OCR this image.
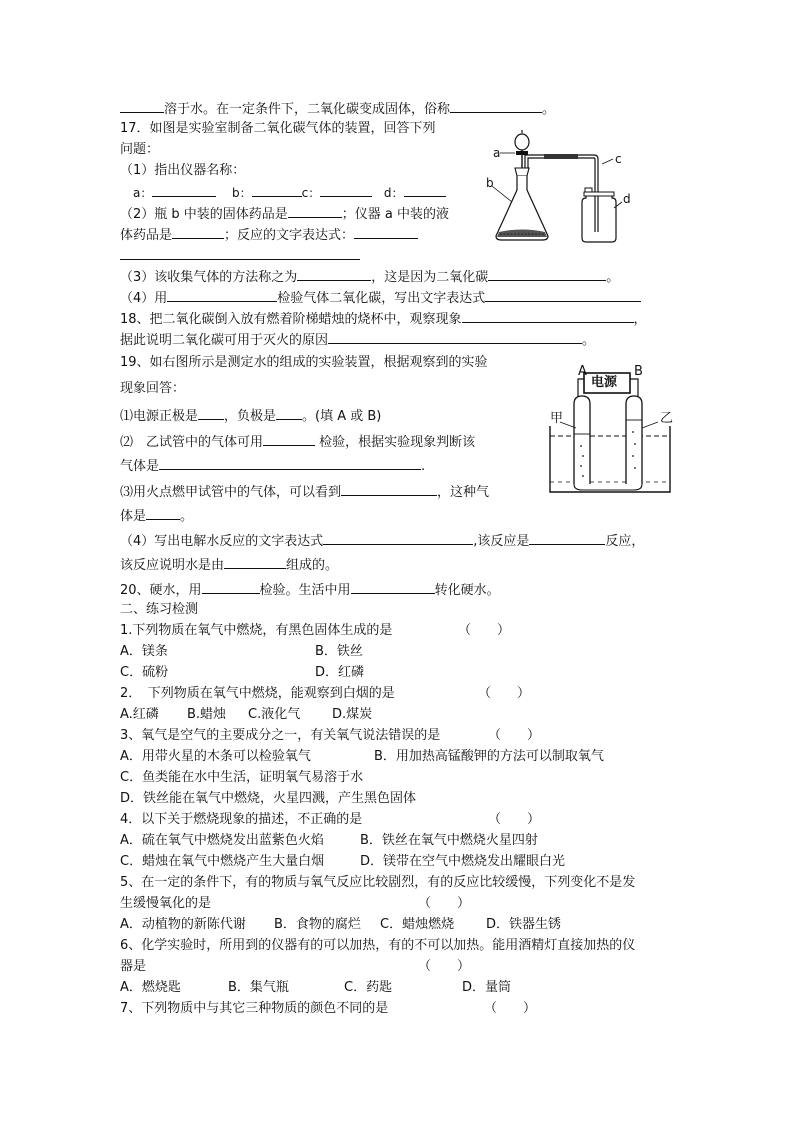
溶于水。在一定条件下，二氧化碳变成固体，俗称	。
17．如图是实验室制备二氧化碳气体的装置，回答下列
问题：
（1）指出仪器名称：
a：	b：	c：	d：
（2）瓶 b 中装的固体药品是	；仪器 a 中装的液
体药品是	；反应的文字表达式：
（3）该收集气体的方法称之为	，这是因为二氧化碳	。
（4）用	检验气体二氧化碳，写出文字表达式
a
b
c
d
18、把二氧化碳倒入放有燃着阶梯蜡烛的烧杯中，观察现象	，
据此说明二氧化碳可用于灭火的原因	。
19、如右图所示是测定水的组成的实验装置，根据观察到的实验
现象回答：
⑴电源正极是 ，负极是 。(填 A 或 B)
⑵　乙试管中的气体可用	检验，根据实验现象判断该
气体是	.
⑶用火点燃甲试管中的气体，可以看到	，这种气
体是	。
（4）写出电解水反应的文字表达式	,该反应是	反应，
该反应说明水是由	组成的。
A	B
电源
甲	乙
20、硬水，用	检验。生活中用	转化硬水。
二、练习检测
1.下列物质在氧气中燃烧，有黑色固体生成的是	（　　）
A．镁条	B．铁丝
C．硫粉	D．红磷
2．　下列物质在氧气中燃烧，能观察到白烟的是	（　　）
A.红磷 B.蜡烛 C.液化气 D.煤炭
3、氧气是空气的主要成分之一，有关氧气说法错误的是	（　　）
A．用带火星的木条可以检验氧气	B．用加热高锰酸钾的方法可以制取氧气
C．鱼类能在水中生活，证明氧气易溶于水
D．铁丝能在氧气中燃烧，火星四溅，产生黑色固体
4．以下关于燃烧现象的描述，不正确的是	（　　）
A．硫在氧气中燃烧发出蓝紫色火焰	B．铁丝在氧气中燃烧火星四射
C．蜡烛在氧气中燃烧产生大量白烟	D．镁带在空气中燃烧发出耀眼白光
5、在一定的条件下，有的物质与氧气反应比较剧烈，有的反应比较缓慢，下列变化不是发
生缓慢氧化的是	（　　）
A．动植物的新陈代谢 B．食物的腐烂 C．蜡烛燃烧 D．铁器生锈
6、化学实验时，所用到的仪器有的可以加热，有的不可以加热。能用酒精灯直接加热的仪
器是	（　　）
A．燃烧匙	B．集气瓶	C．药匙	D．量筒
7、下列物质中与其它三种物质的颜色不同的是	（　　）
